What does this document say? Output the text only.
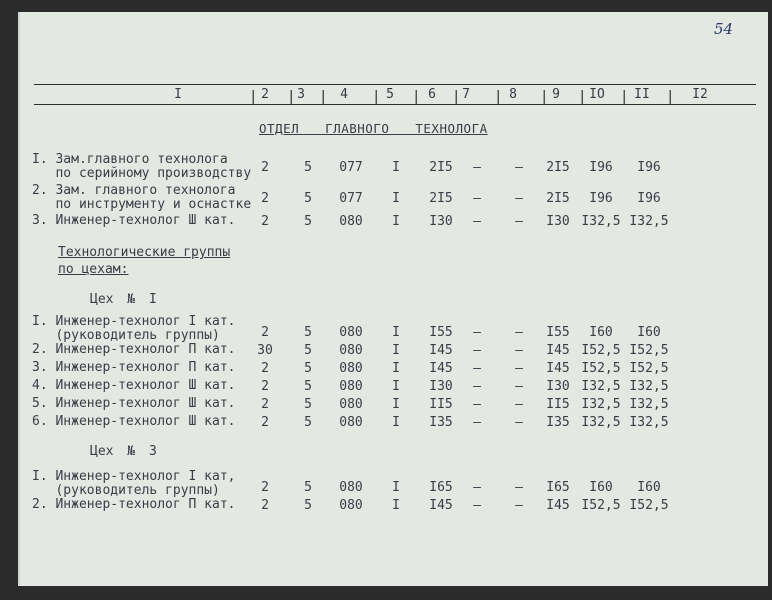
54
I	2	3	4	5	6	7	8	9	IO	II	I2
| | |	| | | |	| | |	|
ОТДЕЛ ГЛАВНОГО ТЕХНОЛОГА
I. Зам.главного технолога
по серийному производству 2	5	077	I	2I5	–	–	2I5	I96	I96
2. Зам. главного технолога
по инструменту и оснастке 2	5	077	I	2I5	–	–	2I5	I96	I96
3. Инженер-технолог Ш кат.	2	5	080	I	I30	–	–	I30 I32,5 I32,5
Технологические группы
по цехам:
Цех № I
I. Инженер-технолог I кат.
(руководитель группы)	2	5	080	I	I55	–	–	I55	I60	I60
2. Инженер-технолог П кат.	30	5	080	I	I45	–	–	I45 I52,5 I52,5
3. Инженер-технолог П кат.	2	5	080	I	I45	–	–	I45 I52,5 I52,5
4. Инженер-технолог Ш кат.	2	5	080	I	I30	–	–	I30 I32,5 I32,5
5. Инженер-технолог Ш кат.	2	5	080	I	II5	–	–	II5 I32,5 I32,5
6. Инженер-технолог Ш кат.	2	5	080	I	I35	–	–	I35 I32,5 I32,5
Цех № 3
I. Инженер-технолог I кат,
(руководитель группы)	2	5	080	I	I65	–	–	I65	I60	I60
2. Инженер-технолог П кат.	2	5	080	I	I45	–	–	I45 I52,5 I52,5
